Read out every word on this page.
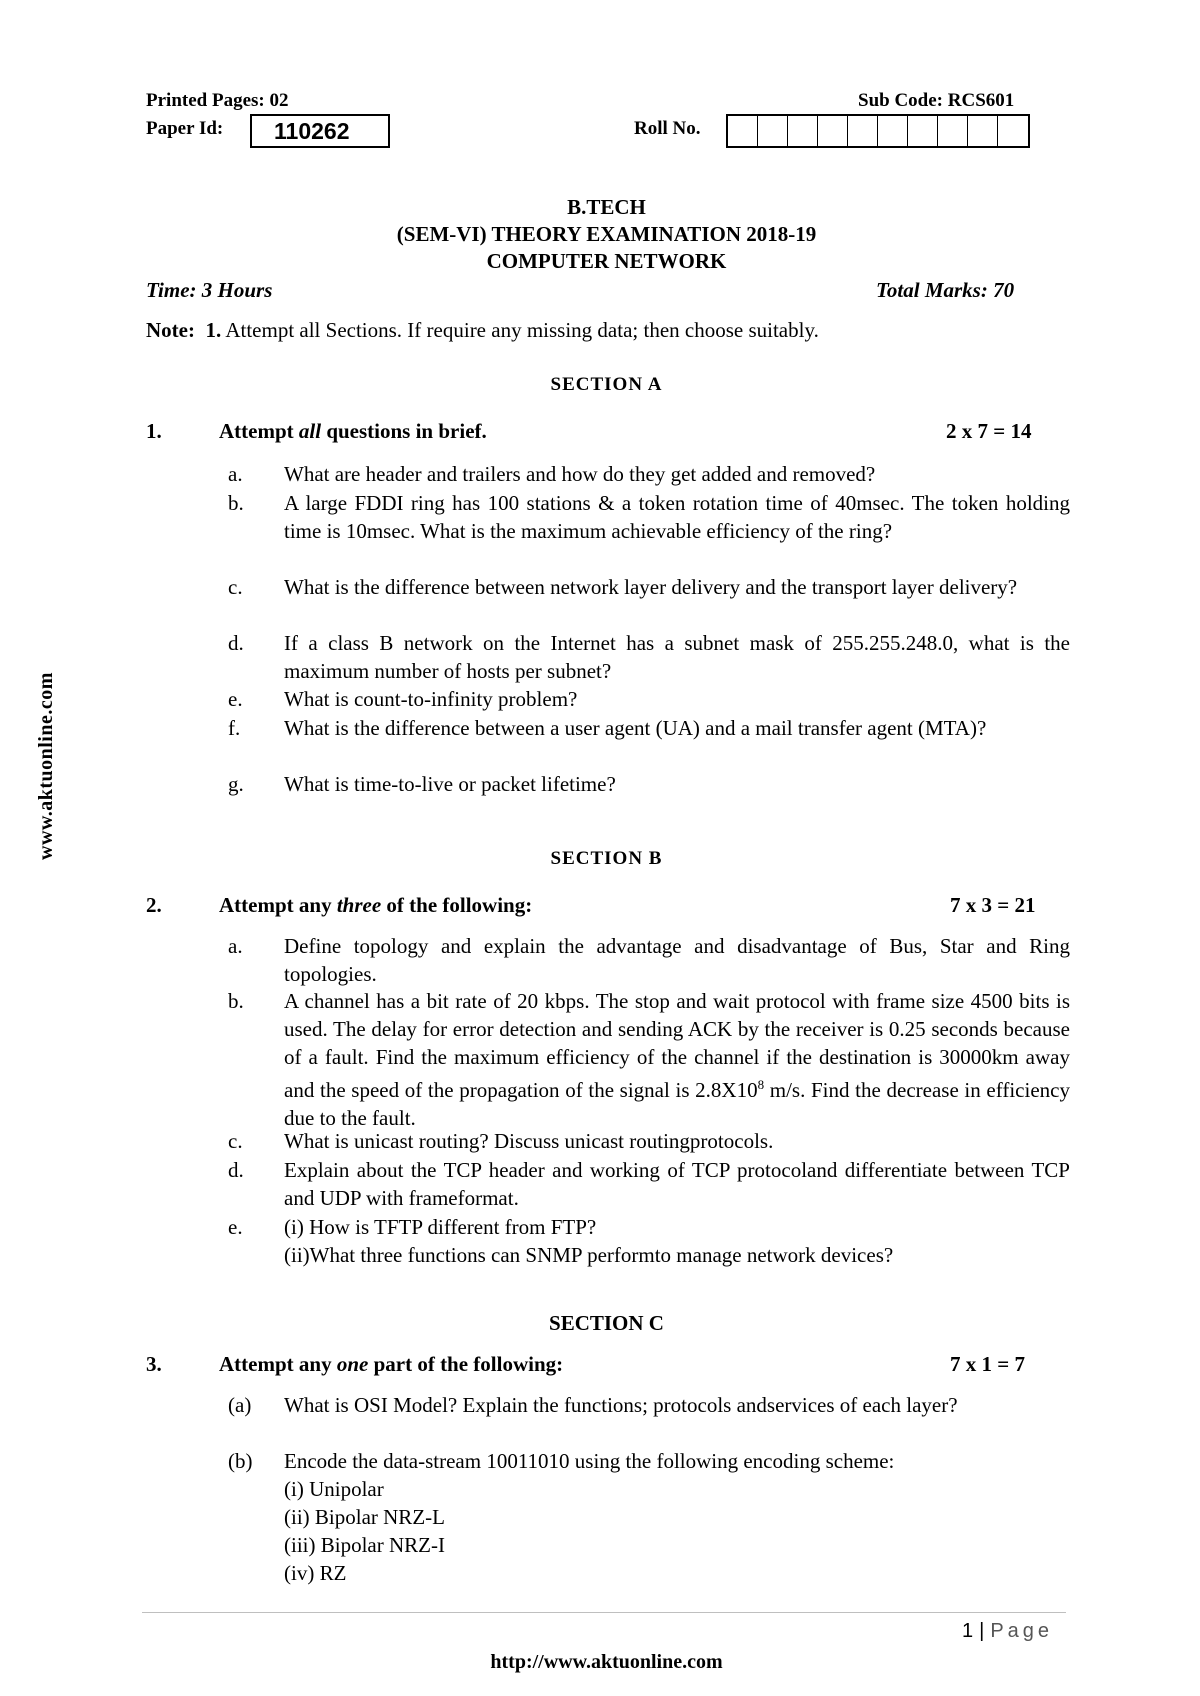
Printed Pages: 02	Sub Code: RCS601
Paper Id:	110262	Roll No.
B.TECH
(SEM-VI) THEORY EXAMINATION 2018-19
COMPUTER NETWORK
Time: 3 Hours	Total Marks: 70
Note: 1. Attempt all Sections. If require any missing data; then choose suitably.
SECTION A
1.	Attempt all questions in brief.	2 x 7 = 14
a. What are header and trailers and how do they get added and removed?
b. A large FDDI ring has 100 stations & a token rotation time of 40msec. The token holding time is 10msec. What is the maximum achievable efficiency of the ring?
c. What is the difference between network layer delivery and the transport layer delivery?
d. If a class B network on the Internet has a subnet mask of 255.255.248.0, what is the maximum number of hosts per subnet?
e. What is count-to-infinity problem?
f. What is the difference between a user agent (UA) and a mail transfer agent (MTA)?
g. What is time-to-live or packet lifetime?
SECTION B
2.	Attempt any three of the following:	7 x 3 = 21
a. Define topology and explain the advantage and disadvantage of Bus, Star and Ring topologies.
b. A channel has a bit rate of 20 kbps. The stop and wait protocol with frame size 4500 bits is used. The delay for error detection and sending ACK by the receiver is 0.25 seconds because of a fault. Find the maximum efficiency of the channel if the destination is 30000km away and the speed of the propagation of the signal is $2.8X10^8$ m/s. Find the decrease in efficiency due to the fault.
c. What is unicast routing? Discuss unicast routingprotocols.
d. Explain about the TCP header and working of TCP protocoland differentiate between TCP and UDP with frameformat.
e. (i) How is TFTP different from FTP?
(ii)What three functions can SNMP performto manage network devices?
SECTION C
3.	Attempt any one part of the following:	7 x 1 = 7
(a) What is OSI Model? Explain the functions; protocols andservices of each layer?
(b) Encode the data-stream 10011010 using the following encoding scheme:
(i) Unipolar
(ii) Bipolar NRZ-L
(iii) Bipolar NRZ-I
(iv) RZ
www.aktuonline.com
1 | Page
http://www.aktuonline.com
